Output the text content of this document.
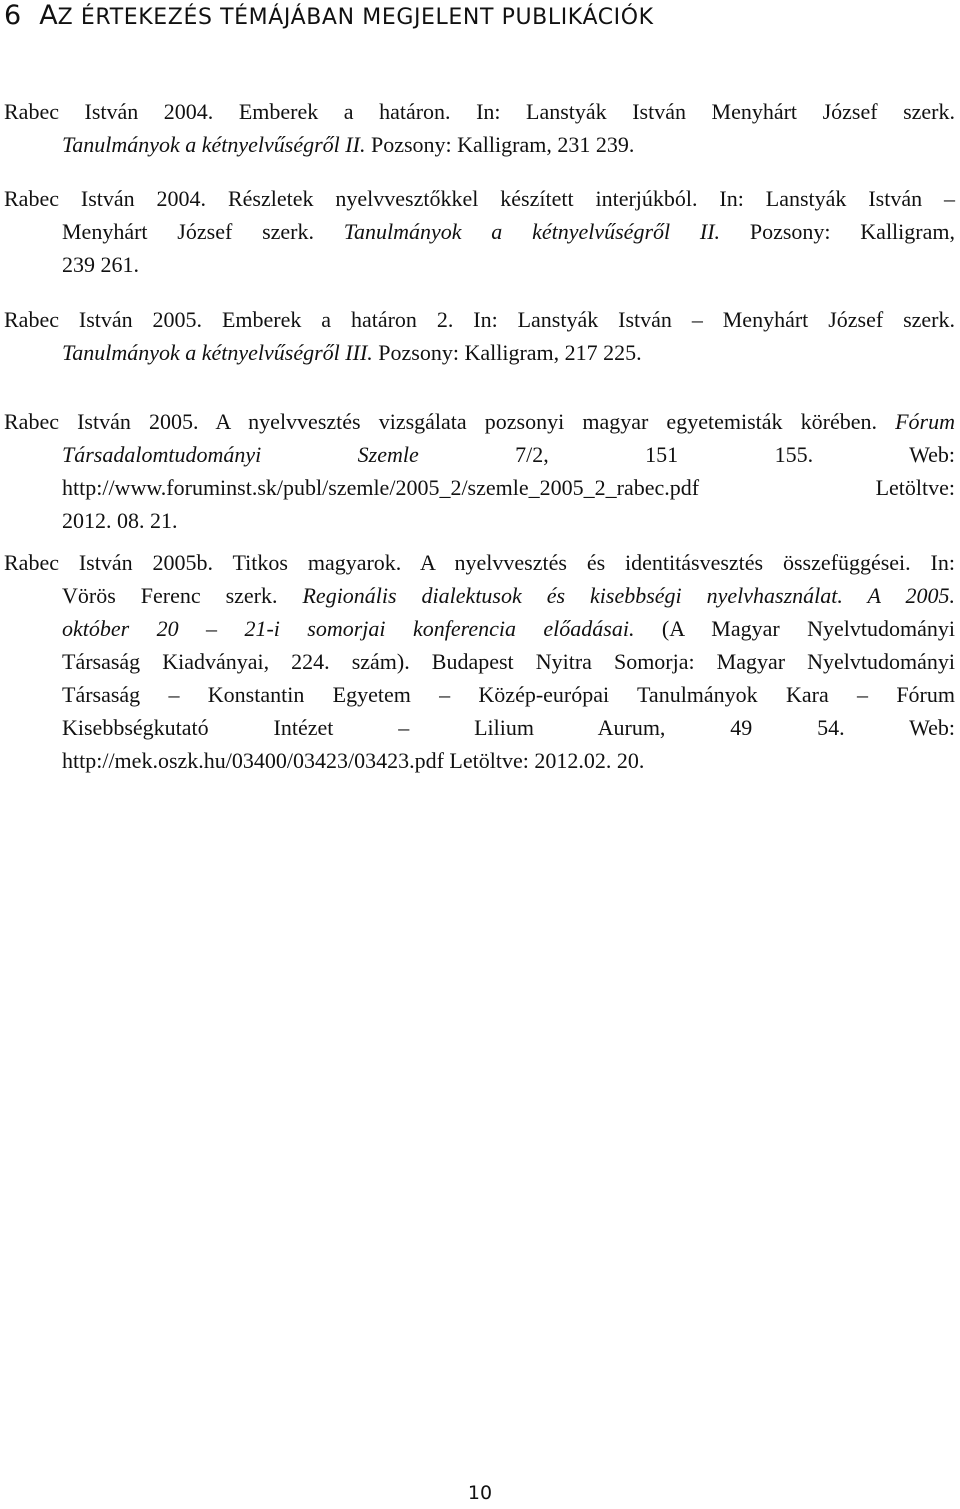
6 A Z ÉRTEKEZÉS TÉMÁJÁBAN MEGJELENT PUBLIKÁCIÓK
Rabec István 2004. Emberek a határon. In: Lanstyák István Menyhárt József szerk.
Tanulmányok a kétnyelvűségről II. Pozsony: Kalligram, 231 239.
Rabec István 2004. Részletek nyelvvesztőkkel készített interjúkból. In: Lanstyák István –
Menyhárt József szerk. Tanulmányok a kétnyelvűségről II. Pozsony: Kalligram,
239 261.
Rabec István 2005. Emberek a határon 2. In: Lanstyák István – Menyhárt József szerk.
Tanulmányok a kétnyelvűségről III. Pozsony: Kalligram, 217 225.
Rabec István 2005. A nyelvvesztés vizsgálata pozsonyi magyar egyetemisták körében. Fórum
Társadalomtudományi Szemle 7/2, 151 155. Web:
http://www.foruminst.sk/publ/szemle/2005_2/szemle_2005_2_rabec.pdf Letöltve:
2012. 08. 21.
Rabec István 2005b. Titkos magyarok. A nyelvvesztés és identitásvesztés összefüggései. In:
Vörös Ferenc szerk. Regionális dialektusok és kisebbségi nyelvhasználat. A 2005.
október 20 – 21-i somorjai konferencia előadásai. (A Magyar Nyelvtudományi
Társaság Kiadványai, 224. szám). Budapest Nyitra Somorja: Magyar Nyelvtudományi
Társaság – Konstantin Egyetem – Közép-európai Tanulmányok Kara – Fórum
Kisebbségkutató Intézet – Lilium Aurum, 49 54. Web:
http://mek.oszk.hu/03400/03423/03423.pdf Letöltve: 2012.02. 20.
10
